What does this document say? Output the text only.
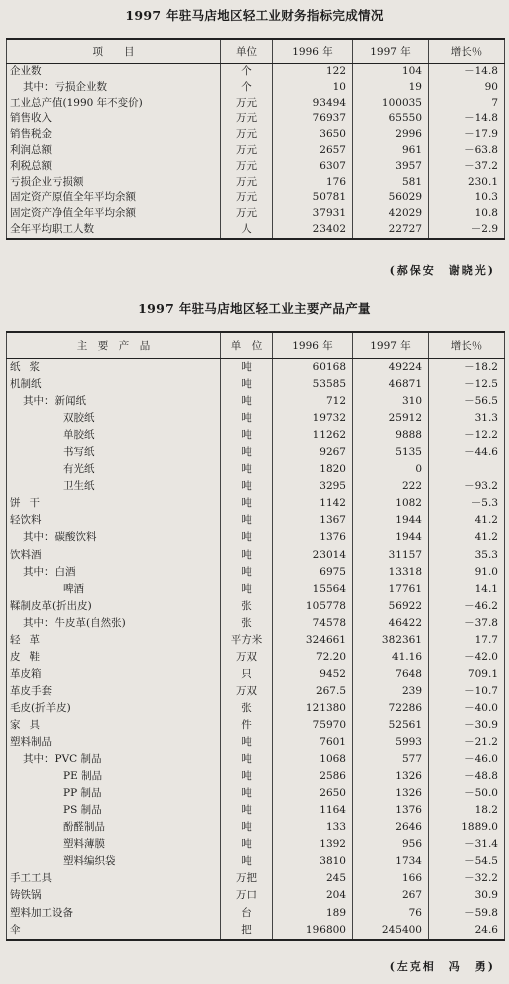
1997 年驻马店地区轻工业财务指标完成情况
项　　目	单位	1996 年	1997 年	增长％
企业数	个	122	104	－14.8
其中：亏损企业数	个	10	19	90
工业总产值(1990 年不变价)	万元	93494	100035	7
销售收入	万元	76937	65550	－14.8
销售税金	万元	3650	2996	－17.9
利润总额	万元	2657	961	－63.8
利税总额	万元	6307	3957	－37.2
亏损企业亏损额	万元	176	581	230.1
固定资产原值全年平均余额	万元	50781	56029	10.3
固定资产净值全年平均余额	万元	37931	42029	10.8
全年平均职工人数	人	23402	22727	－2.9
(郝保安　谢晓光)
1997 年驻马店地区轻工业主要产品产量
主　要　产　品	单　位	1996 年	1997 年	增长％
纸浆	吨	60168	49224	－18.2
机制纸	吨	53585	46871	－12.5
其中：新闻纸	吨	712	310	－56.5
双胶纸	吨	19732	25912	31.3
单胶纸	吨	11262	9888	－12.2
书写纸	吨	9267	5135	－44.6
有光纸	吨	1820	0	
卫生纸	吨	3295	222	－93.2
饼干	吨	1142	1082	－5.3
轻饮料	吨	1367	1944	41.2
其中：碳酸饮料	吨	1376	1944	41.2
饮料酒	吨	23014	31157	35.3
其中：白酒	吨	6975	13318	91.0
啤酒	吨	15564	17761	14.1
鞣制皮革(折出皮)	张	105778	56922	－46.2
其中：牛皮革(自然张)	张	74578	46422	－37.8
轻革	平方米	324661	382361	17.7
皮鞋	万双	72.20	41.16	－42.0
革皮箱	只	9452	7648	709.1
革皮手套	万双	267.5	239	－10.7
毛皮(折羊皮)	张	121380	72286	－40.0
家具	件	75970	52561	－30.9
塑料制品	吨	7601	5993	－21.2
其中：PVC 制品	吨	1068	577	－46.0
PE 制品	吨	2586	1326	－48.8
PP 制品	吨	2650	1326	－50.0
PS 制品	吨	1164	1376	18.2
酚醛制品	吨	133	2646	1889.0
塑料薄膜	吨	1392	956	－31.4
塑料编织袋	吨	3810	1734	－54.5
手工工具	万把	245	166	－32.2
铸铁锅	万口	204	267	30.9
塑料加工设备	台	189	76	－59.8
伞	把	196800	245400	24.6
(左克相　冯　勇)
